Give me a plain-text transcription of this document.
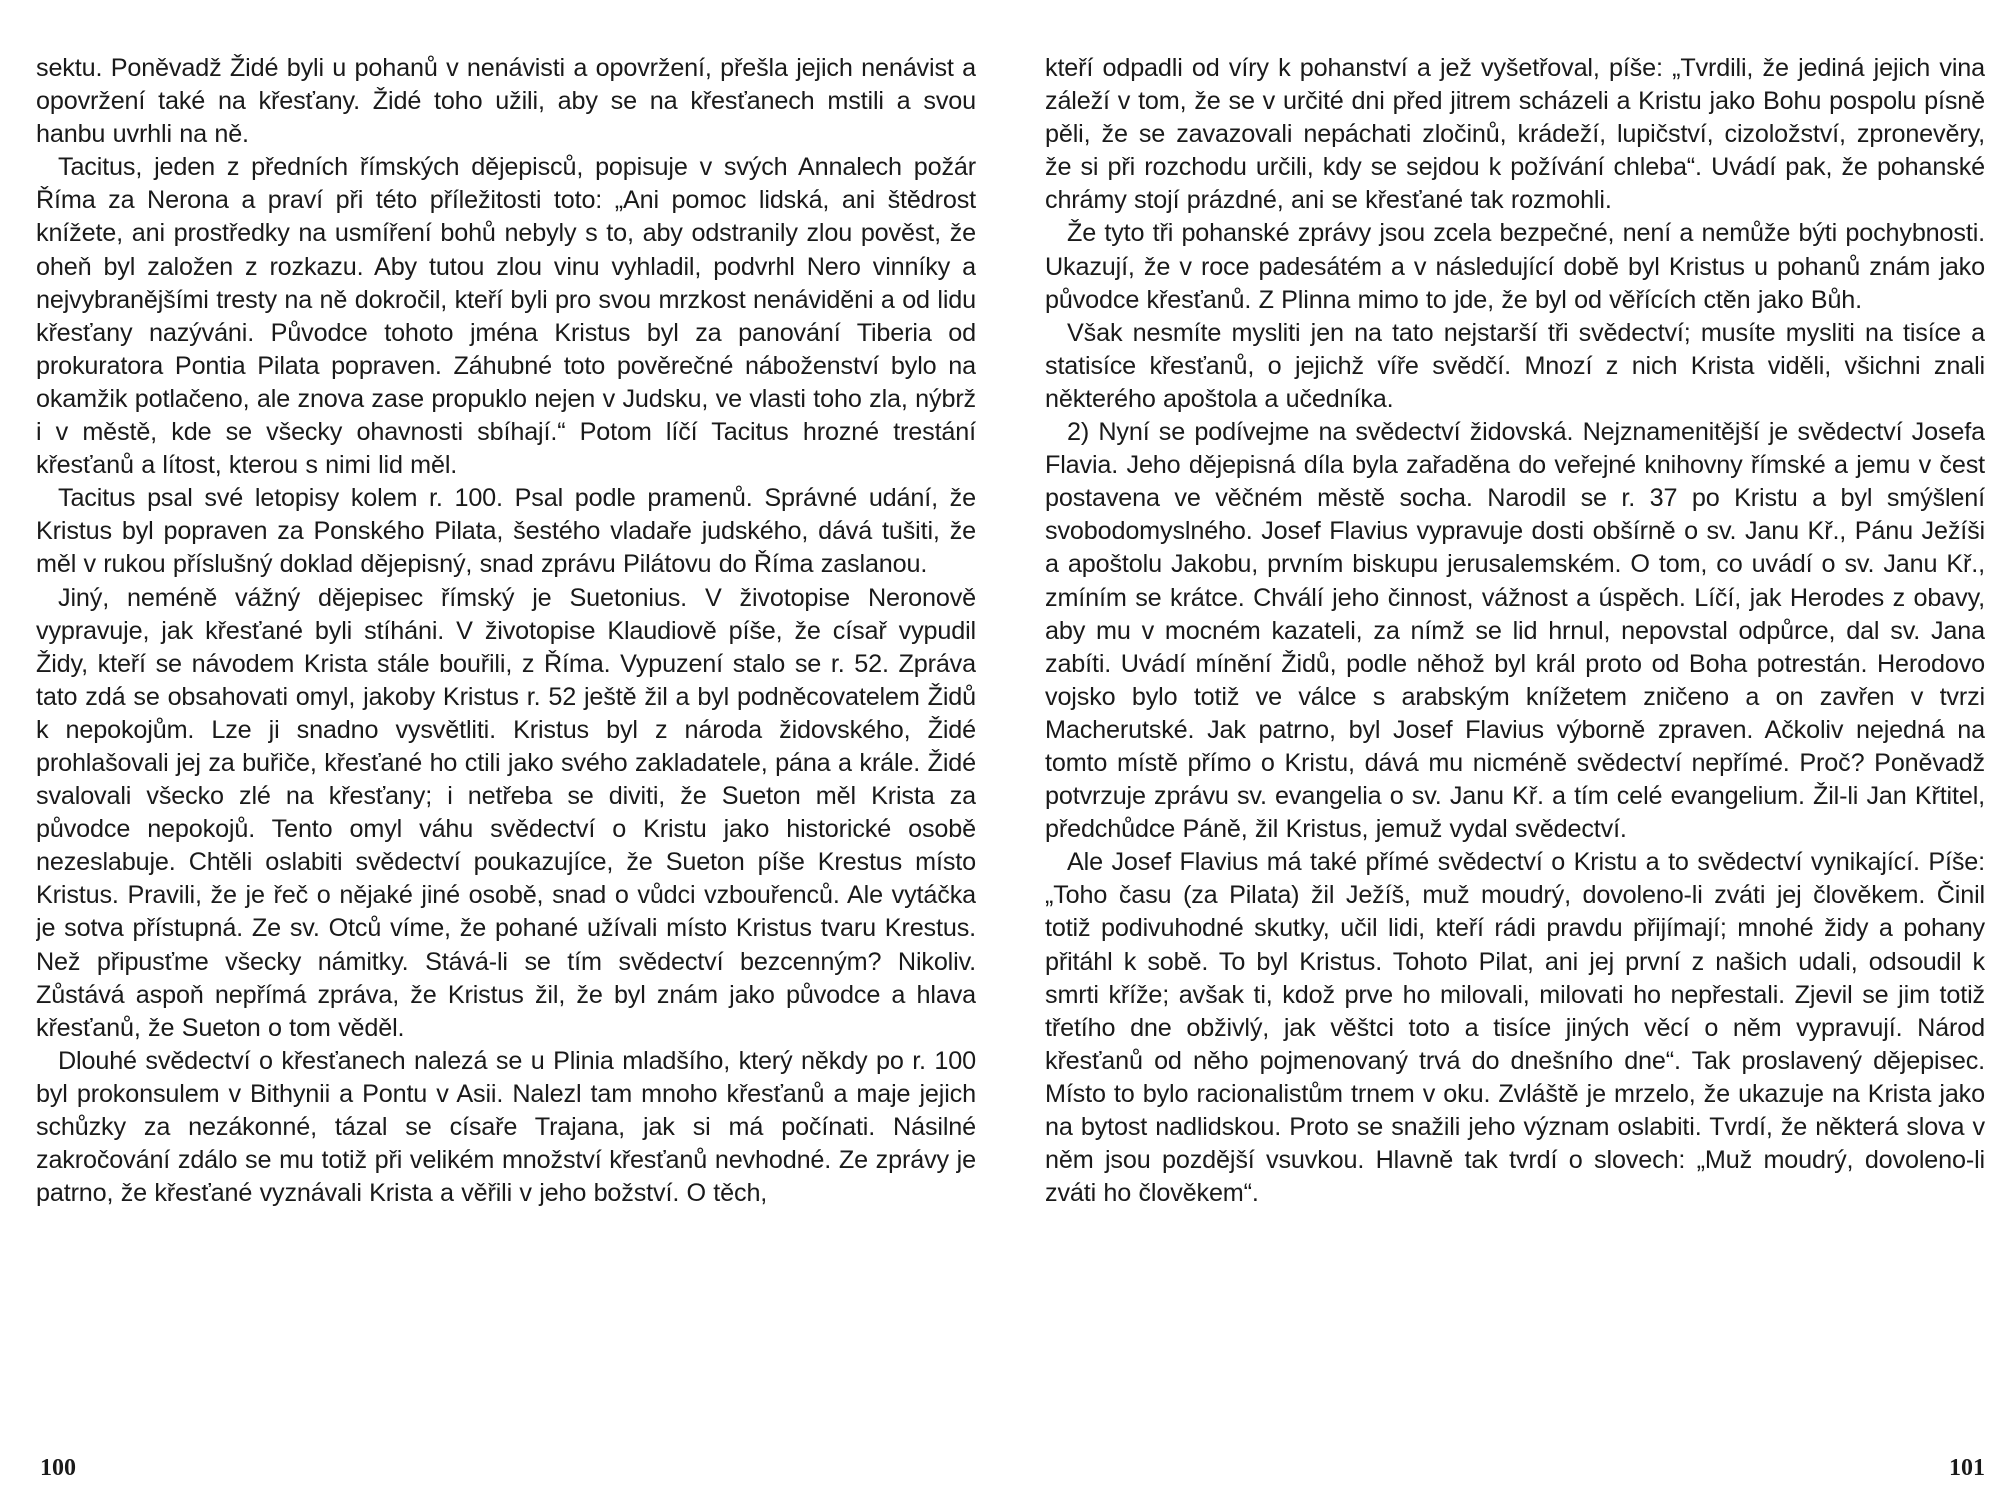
sektu. Poněvadž Židé byli u pohanů v nenávisti a opovržení, přešla jejich nenávist a opovržení také na křesťany. Židé toho užili, aby se na křesťanech mstili a svou hanbu uvrhli na ně.

Tacitus, jeden z předních římských dějepisců, popisuje v svých Annalech požár Říma za Nerona a praví při této příležitosti toto: „Ani pomoc lidská, ani štědrost knížete, ani prostředky na usmíření bohů nebyly s to, aby odstranily zlou pověst, že oheň byl založen z rozkazu. Aby tutou zlou vinu vyhladil, podvrhl Nero vinníky a nejvybranějšími tresty na ně dokročil, kteří byli pro svou mrzkost nenáviděni a od lidu křesťany nazýváni. Původce tohoto jména Kristus byl za panování Tiberia od prokuratora Pontia Pilata popraven. Záhubné toto pověrečné náboženství bylo na okamžik potlačeno, ale znova zase propuklo nejen v Judsku, ve vlasti toho zla, nýbrž i v městě, kde se všecky ohavnosti sbíhají.“ Potom líčí Tacitus hrozné trestání křesťanů a lítost, kterou s nimi lid měl.

Tacitus psal své letopisy kolem r. 100. Psal podle pramenů. Správné udání, že Kristus byl popraven za Ponského Pilata, šestého vladaře judského, dává tušiti, že měl v rukou příslušný doklad dějepisný, snad zprávu Pilátovu do Říma zaslanou.

Jiný, neméně vážný dějepisec římský je Suetonius. V životopise Neronově vypravuje, jak křesťané byli stíháni. V životopise Klaudiově píše, že císař vypudil Židy, kteří se návodem Krista stále bouřili, z Říma. Vypuzení stalo se r. 52. Zpráva tato zdá se obsahovati omyl, jakoby Kristus r. 52 ještě žil a byl podněcovatelem Židů k nepokojům. Lze ji snadno vysvětliti. Kristus byl z národa židovského, Židé prohlašovali jej za buřiče, křesťané ho ctili jako svého zakladatele, pána a krále. Židé svalovali všecko zlé na křesťany; i netřeba se diviti, že Sueton měl Krista za původce nepokojů. Tento omyl váhu svědectví o Kristu jako historické osobě nezeslabuje. Chtěli oslabiti svědectví poukazujíce, že Sueton píše Krestus místo Kristus. Pravili, že je řeč o nějaké jiné osobě, snad o vůdci vzbouřenců. Ale vytáčka je sotva přístupná. Ze sv. Otců víme, že pohané užívali místo Kristus tvaru Krestus. Než připusťme všecky námitky. Stává-li se tím svědectví bezcenným? Nikoliv. Zůstává aspoň nepřímá zpráva, že Kristus žil, že byl znám jako původce a hlava křesťanů, že Sueton o tom věděl.

Dlouhé svědectví o křesťanech nalezá se u Plinia mladšího, který někdy po r. 100 byl prokonsulem v Bithynii a Pontu v Asii. Nalezl tam mnoho křesťanů a maje jejich schůzky za nezákonné, tázal se císaře Trajana, jak si má počínati. Násilné zakročování zdálo se mu totiž při velikém množství křesťanů nevhodné. Ze zprávy je patrno, že křesťané vyznávali Krista a věřili v jeho božství. O těch,

100

kteří odpadli od víry k pohanství a jež vyšetřoval, píše: „Tvrdili, že jediná jejich vina záleží v tom, že se v určité dni před jitrem scházeli a Kristu jako Bohu pospolu písně pěli, že se zavazovali nepáchati zločinů, krádeží, lupičství, cizoložství, zpronevěry, že si při rozchodu určili, kdy se sejdou k požívání chleba“. Uvádí pak, že pohanské chrámy stojí prázdné, ani se křesťané tak rozmohli.

Že tyto tři pohanské zprávy jsou zcela bezpečné, není a nemůže býti pochybnosti. Ukazují, že v roce padesátém a v následující době byl Kristus u pohanů znám jako původce křesťanů. Z Plinna mimo to jde, že byl od věřících ctěn jako Bůh.

Však nesmíte mysliti jen na tato nejstarší tři svědectví; musíte mysliti na tisíce a statisíce křesťanů, o jejichž víře svědčí. Mnozí z nich Krista viděli, všichni znali některého apoštola a učedníka.

2) Nyní se podívejme na svědectví židovská. Nejznamenitější je svědectví Josefa Flavia. Jeho dějepisná díla byla zařaděna do veřejné knihovny římské a jemu v čest postavena ve věčném městě socha. Narodil se r. 37 po Kristu a byl smýšlení svobodomyslného. Josef Flavius vypravuje dosti obšírně o sv. Janu Kř., Pánu Ježíši a apoštolu Jakobu, prvním biskupu jerusalemském. O tom, co uvádí o sv. Janu Kř., zmíním se krátce. Chválí jeho činnost, vážnost a úspěch. Líčí, jak Herodes z obavy, aby mu v mocném kazateli, za nímž se lid hrnul, nepovstal odpůrce, dal sv. Jana zabíti. Uvádí mínění Židů, podle něhož byl král proto od Boha potrestán. Herodovo vojsko bylo totiž ve válce s arabským knížetem zničeno a on zavřen v tvrzi Macherutské. Jak patrno, byl Josef Flavius výborně zpraven. Ačkoliv nejedná na tomto místě přímo o Kristu, dává mu nicméně svědectví nepřímé. Proč? Poněvadž potvrzuje zprávu sv. evangelia o sv. Janu Kř. a tím celé evangelium. Žil-li Jan Křtitel, předchůdce Páně, žil Kristus, jemuž vydal svědectví.

Ale Josef Flavius má také přímé svědectví o Kristu a to svědectví vynikající. Píše: „Toho času (za Pilata) žil Ježíš, muž moudrý, dovoleno-li zváti jej člověkem. Činil totiž podivuhodné skutky, učil lidi, kteří rádi pravdu přijímají; mnohé židy a pohany přitáhl k sobě. To byl Kristus. Tohoto Pilat, ani jej první z našich udali, odsoudil k smrti kříže; avšak ti, kdož prve ho milovali, milovati ho nepřestali. Zjevil se jim totiž třetího dne obživlý, jak věštci toto a tisíce jiných věcí o něm vypravují. Národ křesťanů od něho pojmenovaný trvá do dnešního dne“. Tak proslavený dějepisec. Místo to bylo racionalistům trnem v oku. Zvláště je mrzelo, že ukazuje na Krista jako na bytost nadlidskou. Proto se snažili jeho význam oslabiti. Tvrdí, že některá slova v něm jsou pozdější vsuvkou. Hlavně tak tvrdí o slovech: „Muž moudrý, dovoleno-li zváti ho člověkem“.

101
